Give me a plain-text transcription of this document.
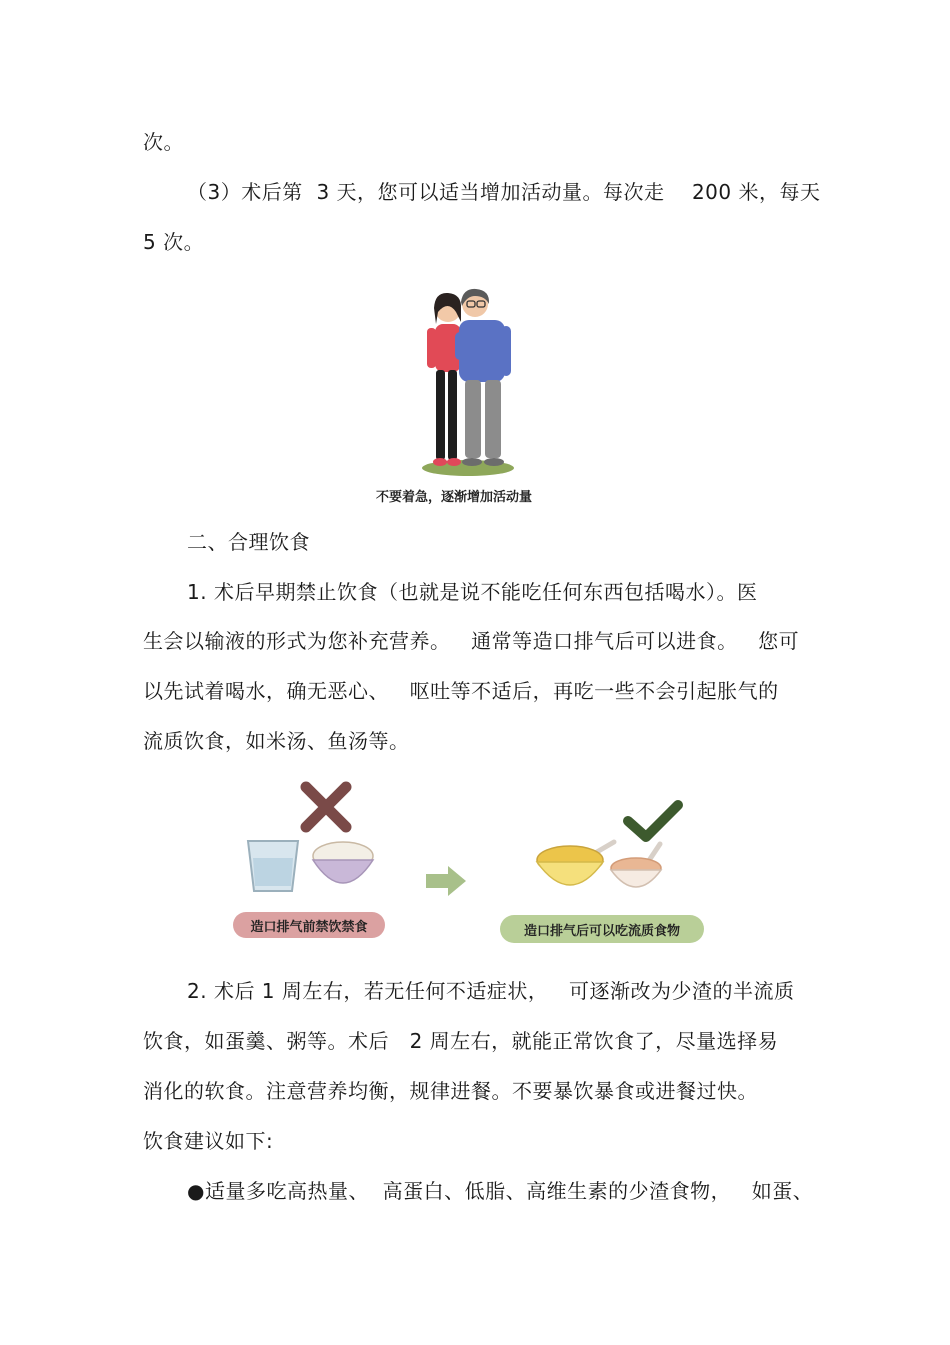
次。
（3）术后第  3 天，您可以适当增加活动量。每次走    200 米，每天
5 次。
不要着急，逐渐增加活动量
二、合理饮食
1. 术后早期禁止饮食（也就是说不能吃任何东西包括喝水）。医
生会以输液的形式为您补充营养。   通常等造口排气后可以进食。   您可
以先试着喝水，确无恶心、   呕吐等不适后，再吃一些不会引起胀气的
流质饮食，如米汤、鱼汤等。
造口排气前禁饮禁食	造口排气后可以吃流质食物
2. 术后 1 周左右，若无任何不适症状，   可逐渐改为少渣的半流质
饮食，如蛋羹、粥等。术后   2 周左右，就能正常饮食了，尽量选择易
消化的软食。注意营养均衡，规律进餐。不要暴饮暴食或进餐过快。
饮食建议如下:
●适量多吃高热量、  高蛋白、低脂、高维生素的少渣食物，   如蛋、
